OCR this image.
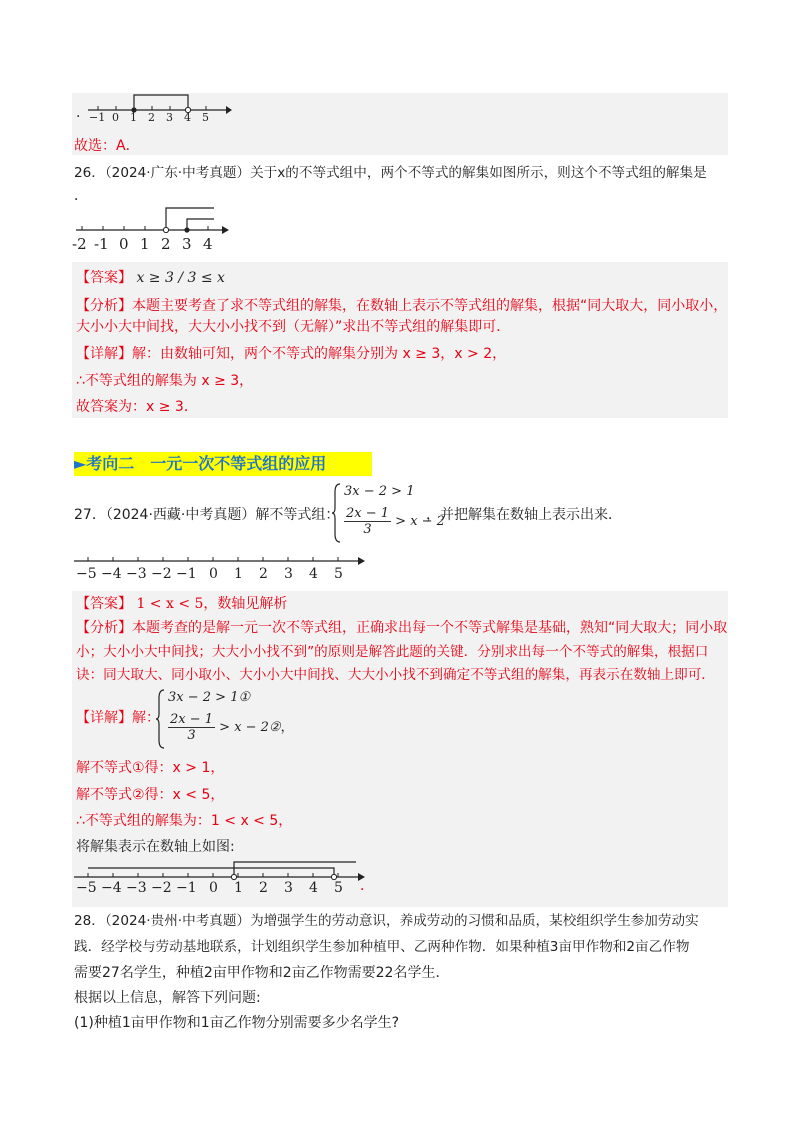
· −1 0 1 2 3 4 5
故选：A．
26．（2024·广东·中考真题）关于x的不等式组中，两个不等式的解集如图所示，则这个不等式组的解集是
．
-2 -1 0 1 2 3 4
【答案】 x ≥ 3 / 3 ≤ x
【分析】本题主要考查了求不等式组的解集，在数轴上表示不等式组的解集，根据“同大取大，同小取小，
大小小大中间找，大大小小找不到（无解）”求出不等式组的解集即可．
【详解】解：由数轴可知，两个不等式的解集分别为 x ≥ 3，x > 2，
∴不等式组的解集为 x ≥ 3，
故答案为：x ≥ 3．
►考向二　一元一次不等式组的应用
27．（2024·西藏·中考真题）解不等式组：
3x − 2 > 1
$\frac{2x - 1}{3} > x - 2$
，并把解集在数轴上表示出来．
−5 −4 −3 −2 −1 0 1 2 3 4 5
【答案】 1 < x < 5，数轴见解析
【分析】本题考查的是解一元一次不等式组，正确求出每一个不等式解集是基础，熟知“同大取大；同小取
小；大小小大中间找；大大小小找不到”的原则是解答此题的关键．分别求出每一个不等式的解集，根据口
诀：同大取大、同小取小、大小小大中间找、大大小小找不到确定不等式组的解集，再表示在数轴上即可．
【详解】解：
3x − 2 > 1①
$\frac{2x - 1}{3} > x$ − 2②，
解不等式①得：x > 1，
解不等式②得：x < 5，
∴不等式组的解集为：1 < x < 5，
将解集表示在数轴上如图:
−5 −4 −3 −2 −1 0 1 2 3 4 5 ．
28．（2024·贵州·中考真题）为增强学生的劳动意识，养成劳动的习惯和品质，某校组织学生参加劳动实
践．经学校与劳动基地联系，计划组织学生参加种植甲、乙两种作物．如果种植3亩甲作物和2亩乙作物
需要27名学生，种植2亩甲作物和2亩乙作物需要22名学生．
根据以上信息，解答下列问题:
(1)种植1亩甲作物和1亩乙作物分别需要多少名学生?
